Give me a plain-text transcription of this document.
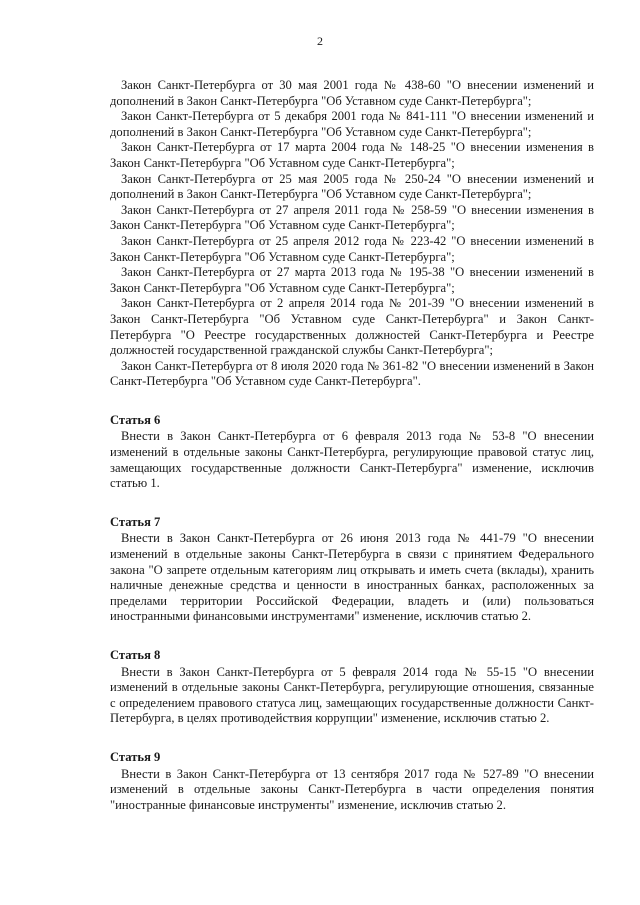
2

Закон Санкт-Петербурга от 30 мая 2001 года № 438-60 "О внесении изменений и дополнений в Закон Санкт-Петербурга "Об Уставном суде Санкт-Петербурга";

Закон Санкт-Петербурга от 5 декабря 2001 года № 841-111 "О внесении изменений и дополнений в Закон Санкт-Петербурга "Об Уставном суде Санкт-Петербурга";

Закон Санкт-Петербурга от 17 марта 2004 года № 148-25 "О внесении изменения в Закон Санкт-Петербурга "Об Уставном суде Санкт-Петербурга";

Закон Санкт-Петербурга от 25 мая 2005 года № 250-24 "О внесении изменений и дополнений в Закон Санкт-Петербурга "Об Уставном суде Санкт-Петербурга";

Закон Санкт-Петербурга от 27 апреля 2011 года № 258-59 "О внесении изменения в Закон Санкт-Петербурга "Об Уставном суде Санкт-Петербурга";

Закон Санкт-Петербурга от 25 апреля 2012 года № 223-42 "О внесении изменений в Закон Санкт-Петербурга "Об Уставном суде Санкт-Петербурга";

Закон Санкт-Петербурга от 27 марта 2013 года № 195-38 "О внесении изменений в Закон Санкт-Петербурга "Об Уставном суде Санкт-Петербурга";

Закон Санкт-Петербурга от 2 апреля 2014 года № 201-39 "О внесении изменений в Закон Санкт-Петербурга "Об Уставном суде Санкт-Петербурга" и Закон Санкт-Петербурга "О Реестре государственных должностей Санкт-Петербурга и Реестре должностей государственной гражданской службы Санкт-Петербурга";

Закон Санкт-Петербурга от 8 июля 2020 года № 361-82 "О внесении изменений в Закон Санкт-Петербурга "Об Уставном суде Санкт-Петербурга".

Статья 6

Внести в Закон Санкт-Петербурга от 6 февраля 2013 года № 53-8 "О внесении изменений в отдельные законы Санкт-Петербурга, регулирующие правовой статус лиц, замещающих государственные должности Санкт-Петербурга" изменение, исключив статью 1.

Статья 7

Внести в Закон Санкт-Петербурга от 26 июня 2013 года № 441-79 "О внесении изменений в отдельные законы Санкт-Петербурга в связи с принятием Федерального закона "О запрете отдельным категориям лиц открывать и иметь счета (вклады), хранить наличные денежные средства и ценности в иностранных банках, расположенных за пределами территории Российской Федерации, владеть и (или) пользоваться иностранными финансовыми инструментами" изменение, исключив статью 2.

Статья 8

Внести в Закон Санкт-Петербурга от 5 февраля 2014 года № 55-15 "О внесении изменений в отдельные законы Санкт-Петербурга, регулирующие отношения, связанные с определением правового статуса лиц, замещающих государственные должности Санкт-Петербурга, в целях противодействия коррупции" изменение, исключив статью 2.

Статья 9

Внести в Закон Санкт-Петербурга от 13 сентября 2017 года № 527-89 "О внесении изменений в отдельные законы Санкт-Петербурга в части определения понятия "иностранные финансовые инструменты" изменение, исключив статью 2.
